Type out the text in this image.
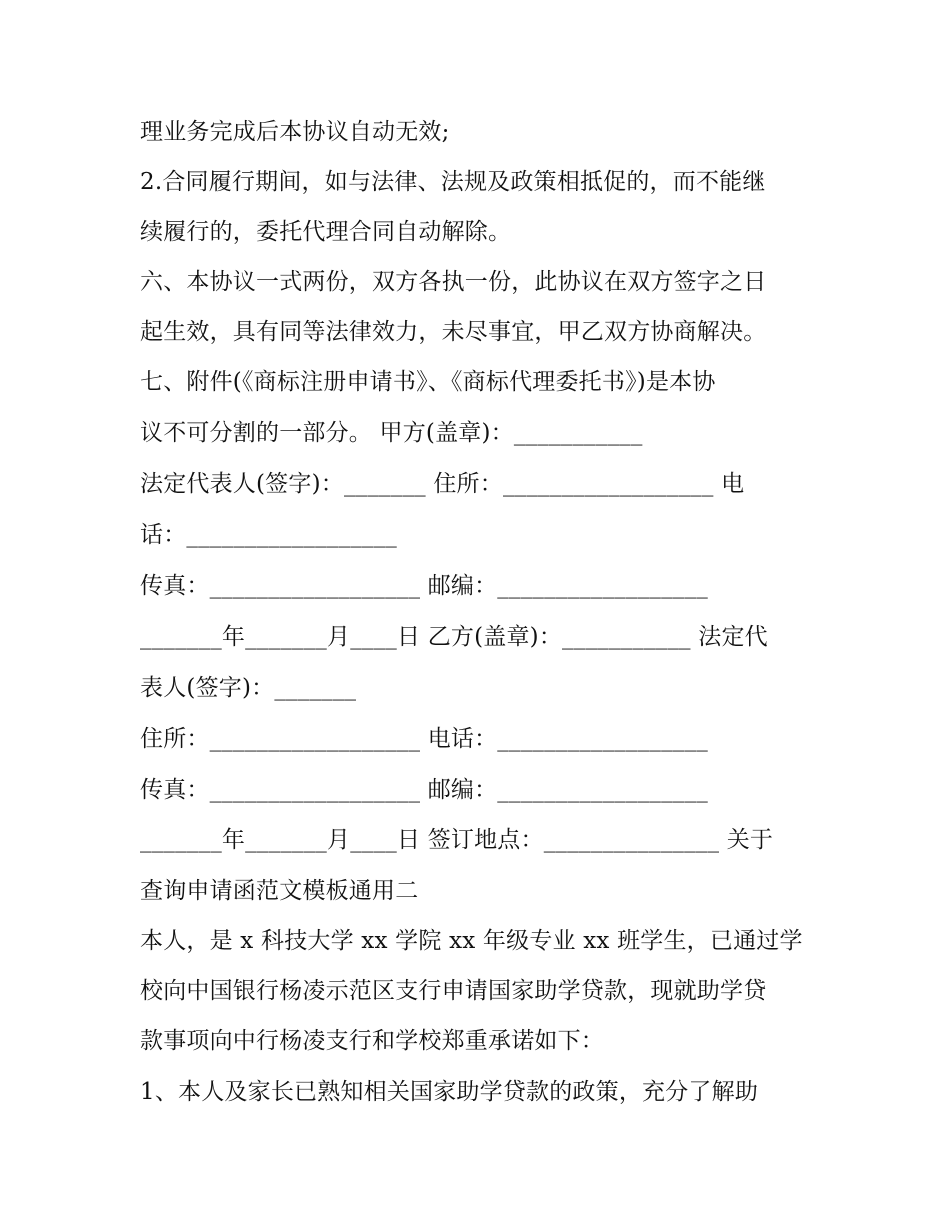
理业务完成后本协议自动无效;
2.合同履行期间，如与法律、法规及政策相抵促的，而不能继
续履行的，委托代理合同自动解除。
六、本协议一式两份，双方各执一份，此协议在双方签字之日
起生效，具有同等法律效力，未尽事宜，甲乙双方协商解决。
七、附件(《商标注册申请书》、《商标代理委托书》)是本协
议不可分割的一部分。 甲方(盖章)：___________
法定代表人(签字)：_______ 住所：__________________ 电
话：__________________
传真：__________________ 邮编：__________________
_______年_______月____日 乙方(盖章)：___________ 法定代
表人(签字)：_______
住所：__________________ 电话：__________________
传真：__________________ 邮编：__________________
_______年_______月____日 签订地点：_______________ 关于
查询申请函范文模板通用二
本人，是 x 科技大学 xx 学院 xx 年级专业 xx 班学生，已通过学
校向中国银行杨凌示范区支行申请国家助学贷款，现就助学贷
款事项向中行杨凌支行和学校郑重承诺如下：
1、本人及家长已熟知相关国家助学贷款的政策，充分了解助
